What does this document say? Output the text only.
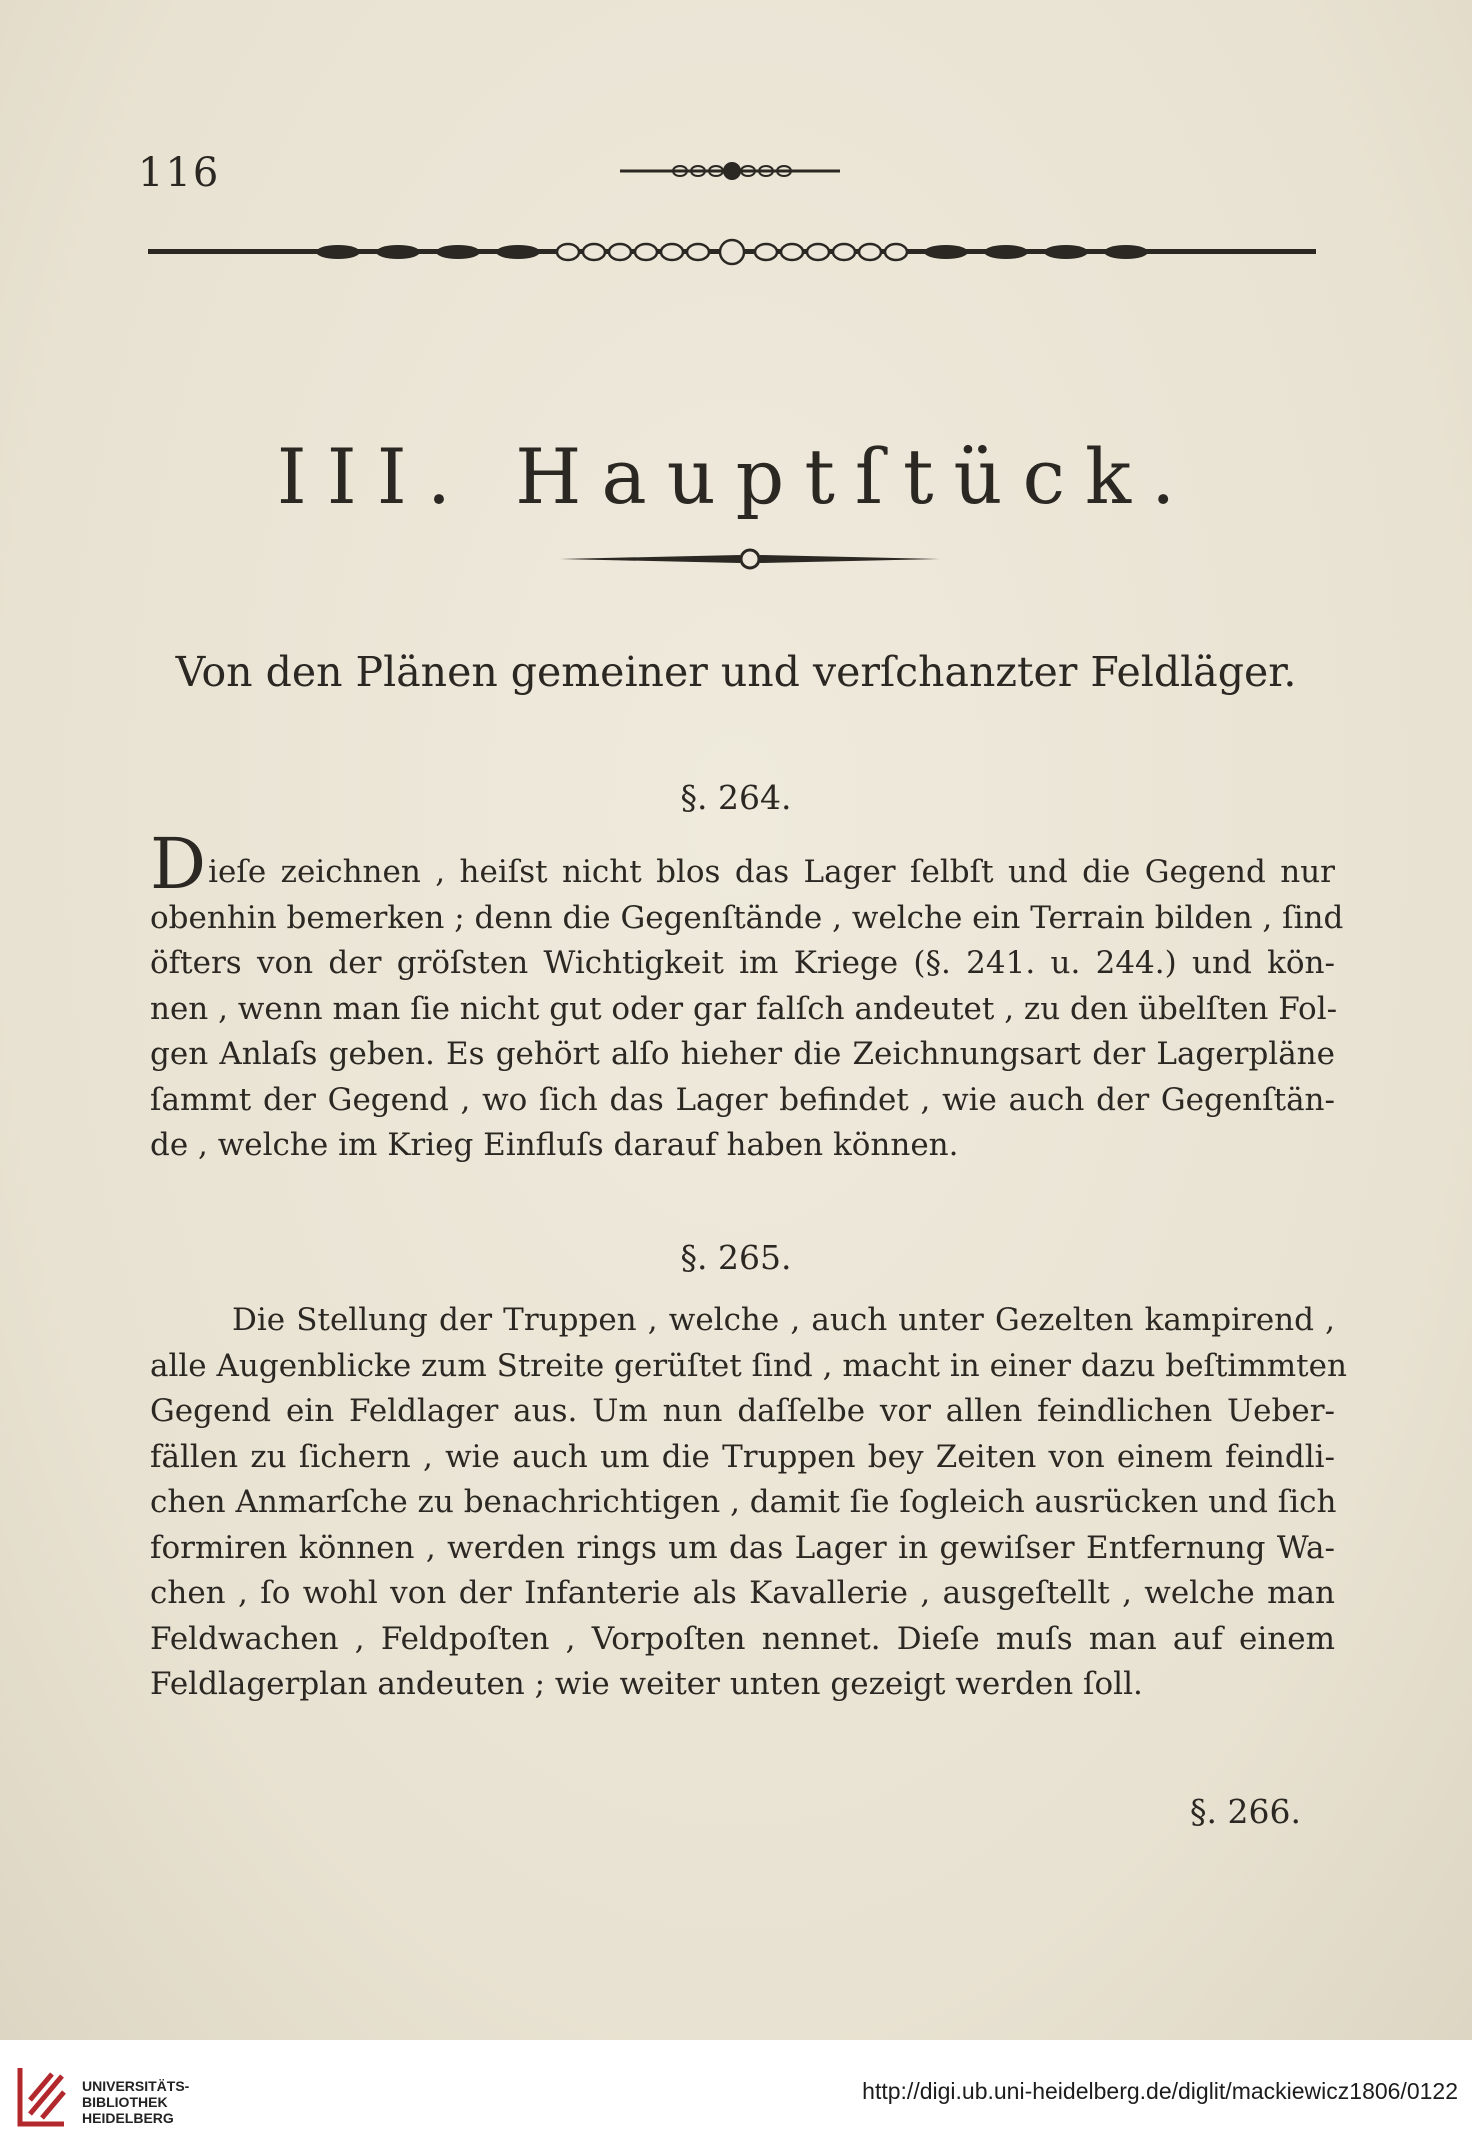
116
III. Hauptſtück.
Von den Plänen gemeiner und verſchanzter Feldläger.
§. 264.
Dieſe zeichnen , heiſst nicht blos das Lager ſelbſt und die Gegend nur
obenhin bemerken ; denn die Gegenſtände , welche ein Terrain bilden , ſind
öfters von der gröſsten Wichtigkeit im Kriege (§. 241. u. 244.) und kön-
nen , wenn man ſie nicht gut oder gar falſch andeutet , zu den übelſten Fol-
gen Anlaſs geben. Es gehört alſo hieher die Zeichnungsart der Lagerpläne
ſammt der Gegend , wo ſich das Lager befindet , wie auch der Gegenſtän-
de , welche im Krieg Einfluſs darauf haben können.
§. 265.
Die Stellung der Truppen , welche , auch unter Gezelten kampirend ,
alle Augenblicke zum Streite gerüſtet ſind , macht in einer dazu beſtimmten
Gegend ein Feldlager aus. Um nun daſſelbe vor allen feindlichen Ueber-
fällen zu ſichern , wie auch um die Truppen bey Zeiten von einem feindli-
chen Anmarſche zu benachrichtigen , damit ſie ſogleich ausrücken und ſich
formiren können , werden rings um das Lager in gewiſser Entfernung Wa-
chen , ſo wohl von der Infanterie als Kavallerie , ausgeſtellt , welche man
Feldwachen , Feldpoſten , Vorpoſten nennet. Dieſe muſs man auf einem
Feldlagerplan andeuten ; wie weiter unten gezeigt werden ſoll.
§. 266.
UNIVERSITÄTS-
BIBLIOTHEK
HEIDELBERG
http://digi.ub.uni-heidelberg.de/diglit/mackiewicz1806/0122
